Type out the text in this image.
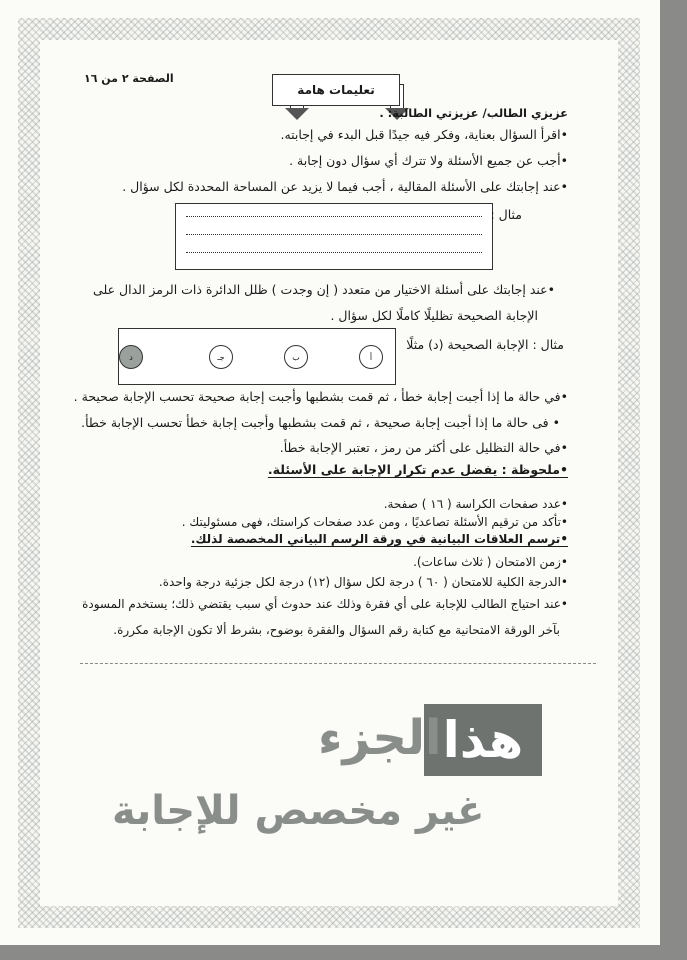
الصفحة ٢ من ١٦
تعليمات هامة
عزيزي الطالب/ عزيزتي الطالبة: .
•اقرأ السؤال بعناية، وفكر فيه جيدًا قبل البدء في إجابته.
•أجب عن جميع الأسئلة ولا تترك أي سؤال دون إجابة .
•عند إجابتك على الأسئلة المقالية ، أجب فيما لا يزيد عن المساحة المحددة لكل سؤال .
مثال :
•عند إجابتك على أسئلة الاختيار من متعدد ( إن وجدت ) ظلل الدائرة ذات الرمز الدال على
الإجابة الصحيحة تظليلًا كاملًا لكل سؤال .
مثال : الإجابة الصحيحة (د) مثلًا
أ
ب
جـ
د
•في حالة ما إذا أجبت إجابة خطأ ، ثم قمت بشطبها وأجبت إجابة صحيحة تحسب الإجابة صحيحة .
• فى حالة ما إذا أجبت إجابة صحيحة ، ثم قمت بشطبها وأجبت إجابة خطأ تحسب الإجابة خطأ.
•في حالة التظليل على أكثر من رمز ، تعتبر الإجابة خطأ.
•ملحوظة : يفضل عدم تكرار الإجابة على الأسئلة.
•عدد صفحات الكراسة ( ١٦ ) صفحة.
•تأكد من ترقيم الأسئلة تصاعديًا ، ومن عدد صفحات كراستك، فهى مسئوليتك .
•ترسم العلاقات البيانية في ورقة الرسم البياني المخصصة لذلك.
•زمن الامتحان ( ثلاث ساعات).
•الدرجة الكلية للامتحان ( ٦٠ ) درجة لكل سؤال (١٢) درجة لكل جزئية درجة واحدة.
•عند احتياج الطالب للإجابة على أي فقرة وذلك عند حدوث أي سبب يقتضي ذلك؛ يستخدم المسودة
بآخر الورقة الامتحانية مع كتابة رقم السؤال والفقرة بوضوح، بشرط ألا تكون الإجابة مكررة.
هذا
الجزء
غير مخصص للإجابة
